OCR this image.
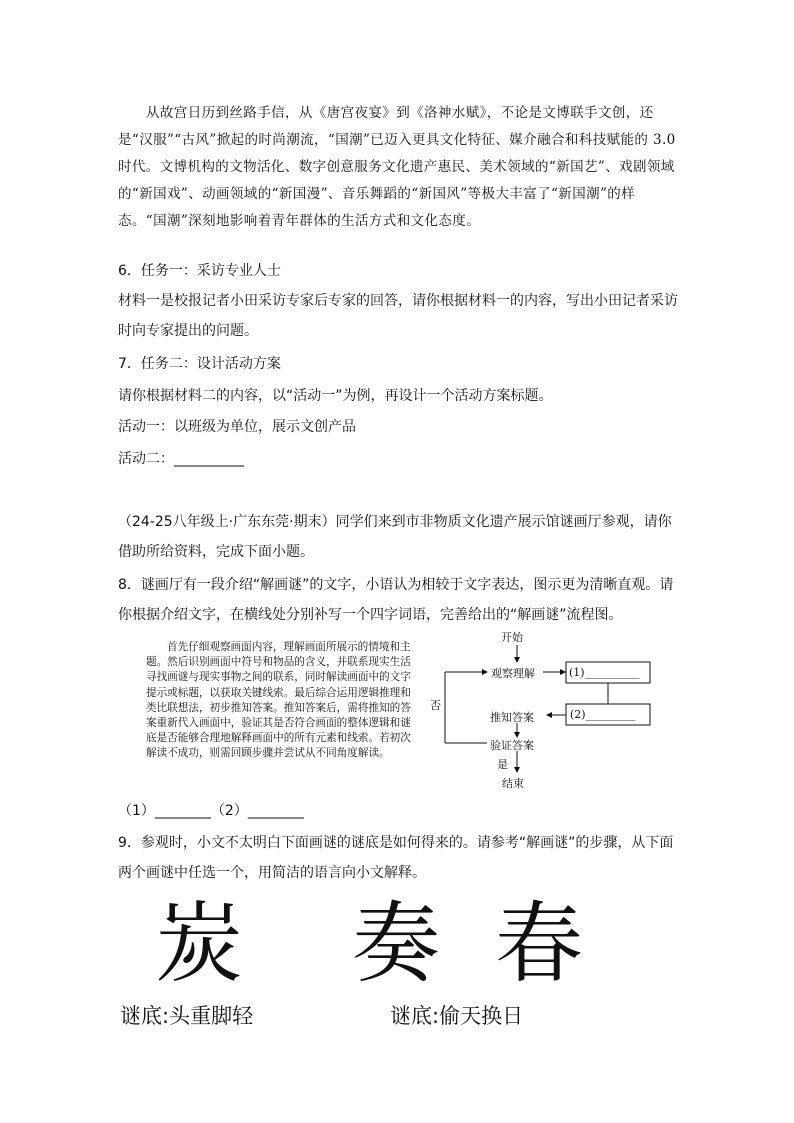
从故宫日历到丝路手信，从《唐宫夜宴》到《洛神水赋》，不论是文博联手文创，还是“汉服”“古风”掀起的时尚潮流，“国潮”已迈入更具文化特征、媒介融合和科技赋能的 3.0 时代。文博机构的文物活化、数字创意服务文化遗产惠民、美术领域的“新国艺”、戏剧领域的“新国戏”、动画领域的“新国漫”、音乐舞蹈的“新国风”等极大丰富了“新国潮”的样态。“国潮”深刻地影响着青年群体的生活方式和文化态度。
6．任务一：采访专业人士
材料一是校报记者小田采访专家后专家的回答，请你根据材料一的内容，写出小田记者采访
时向专家提出的问题。
7．任务二：设计活动方案
请你根据材料二的内容，以“活动一”为例，再设计一个活动方案标题。
活动一：以班级为单位，展示文创产品
活动二：__________
（24-25八年级上·广东东莞·期末）同学们来到市非物质文化遗产展示馆谜画厅参观，请你
借助所给资料，完成下面小题。
8．谜画厅有一段介绍“解画谜”的文字，小语认为相较于文字表达，图示更为清晰直观。请
你根据介绍文字，在横线处分别补写一个四字词语，完善给出的“解画谜”流程图。
首先仔细观察画面内容，理解画面所展示的情境和主题。然后识别画面中符号和物品的含义，并联系现实生活寻找画谜与现实事物之间的联系，同时解读画面中的文字提示或标题，以获取关键线索。最后综合运用逻辑推理和类比联想法，初步推知答案。推知答案后，需将推知的答案重新代入画面中，验证其是否符合画面的整体逻辑和谜底是否能够合理地解释画面中的所有元素和线索。若初次解读不成功，则需回顾步骤并尝试从不同角度解读。
开始
观察理解	(1)__________
(2)_________
推知答案
验证答案
否
是
结束
（1）________（2）________
9．参观时，小文不太明白下面画谜的谜底是如何得来的。请参考“解画谜”的步骤，从下面
两个画谜中任选一个，用简洁的语言向小文解释。
炭 奏 春
谜底:头重脚轻	谜底:偷天换日
